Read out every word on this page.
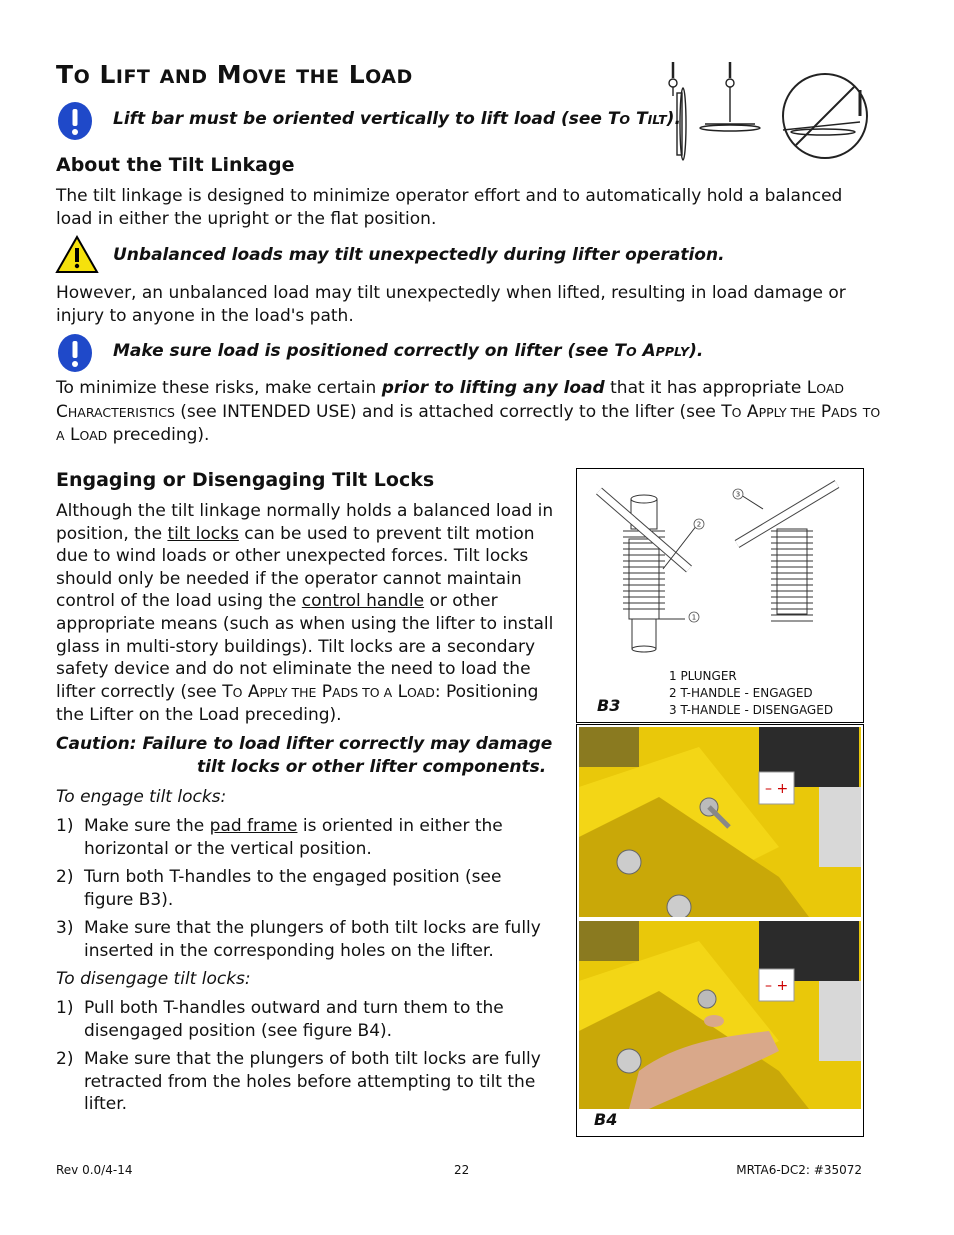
TO LIFT AND MOVE THE LOAD
Lift bar must be oriented vertically to lift load (see TO TILT).
About the Tilt Linkage
The tilt linkage is designed to minimize operator effort and to automatically hold a balanced load in either the upright or the flat position.
Unbalanced loads may tilt unexpectedly during lifter operation.
However, an unbalanced load may tilt unexpectedly when lifted, resulting in load damage or injury to anyone in the load's path.
Make sure load is positioned correctly on lifter (see TO APPLY).
To minimize these risks, make certain prior to lifting any load that it has appropriate LOAD CHARACTERISTICS (see INTENDED USE) and is attached correctly to the lifter (see TO APPLY THE PADS TO A LOAD preceding).
Engaging or Disengaging Tilt Locks
Although the tilt linkage normally holds a balanced load in position, the tilt locks can be used to prevent tilt motion due to wind loads or other unexpected forces. Tilt locks should only be needed if the operator cannot maintain control of the load using the control handle or other appropriate means (such as when using the lifter to install glass in multi-story buildings). Tilt locks are a secondary safety device and do not eliminate the need to load the lifter correctly (see TO APPLY THE PADS TO A LOAD: Positioning the Lifter on the Load preceding).
Caution: Failure to load lifter correctly may damage
tilt locks or other lifter components.
To engage tilt locks:
1) Make sure the pad frame is oriented in either the horizontal or the vertical position.
2) Turn both T-handles to the engaged position (see figure B3).
3) Make sure that the plungers of both tilt locks are fully inserted in the corresponding holes on the lifter.
To disengage tilt locks:
1) Pull both T-handles outward and turn them to the disengaged position (see figure B4).
2) Make sure that the plungers of both tilt locks are fully retracted from the holes before attempting to tilt the lifter.
1
2
3
B3
1 PLUNGER
2 T-HANDLE - ENGAGED
3 T-HANDLE - DISENGAGED
– +
– +
B4
Rev 0.0/4-14	22	MRTA6-DC2: #35072
